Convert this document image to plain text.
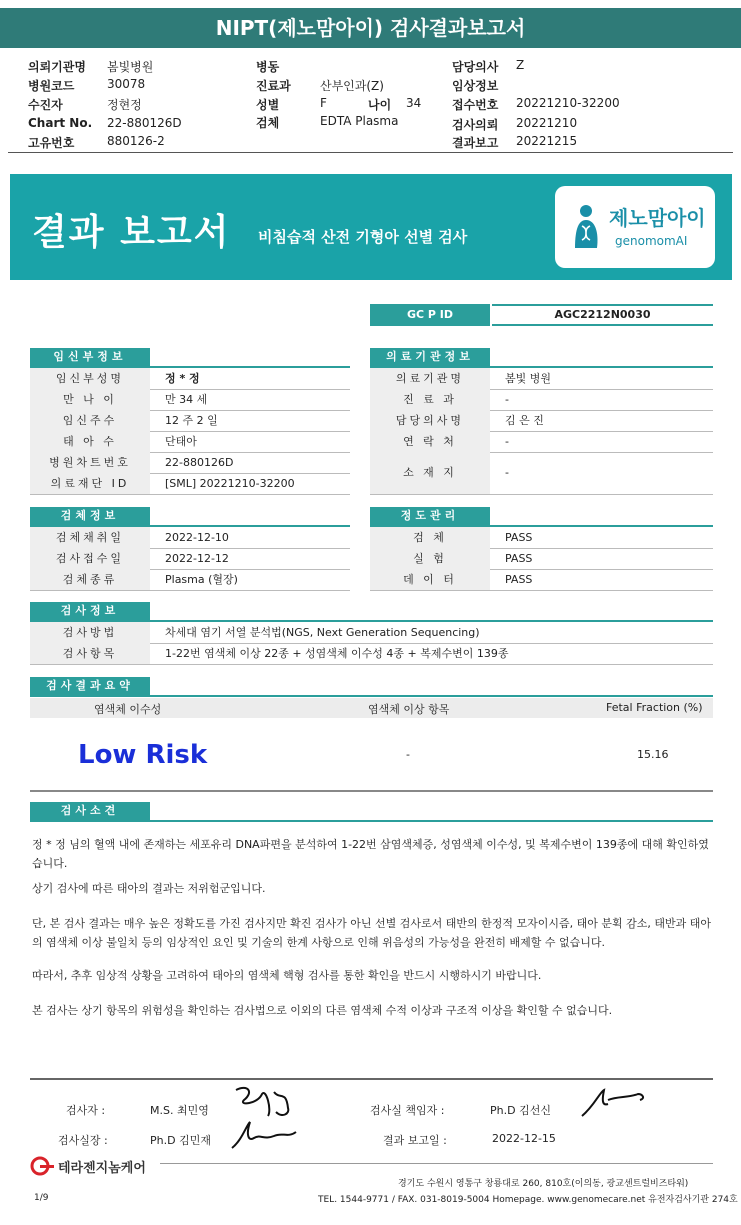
NIPT(제노맘아이) 검사결과보고서
의뢰기관명 봄빛병원
병원코드	30078
수진자	정현정
Chart No. 22-880126D
고유번호	880126-2
병동
진료과 산부인과(Z)
성별	F	나이 34
검체	EDTA Plasma
담당의사 Z
임상정보
접수번호 20221210-32200
검사의뢰 20221210
결과보고 20221215
결과 보고서 비침습적 산전 기형아 선별 검사
제노맘아이
genomomAI
GC P ID	AGC2212N0030
임신부정보
임신부성명	정 * 정
만 나 이	만 34 세
임신주수	12 주 2 일
태 아 수	단태아
병원차트번호	22-880126D
의료재단 ID	[SML] 20221210-32200
의료기관정보
의료기관명	봄빛 병원
진 료 과	-
담당의사명	김 은 진
연 락 처	-
소 재 지	-
검체정보
검체채취일	2022-12-10
검사접수일	2022-12-12
검체종류	Plasma (혈장)
정도관리
검 체	PASS
실 험	PASS
데 이 터	PASS
검사정보
검사방법	차세대 염기 서열 분석법(NGS, Next Generation Sequencing)
검사항목	1-22번 염색체 이상 22종 + 성염색체 이수성 4종 + 복제수변이 139종
검사결과요약
염색체 이수성	염색체 이상 항목	Fetal Fraction (%)
Low Risk	-	15.16
검사소견
정 * 정 님의 혈액 내에 존재하는 세포유리 DNA파편을 분석하여 1-22번 삼염색체증, 성염색체 이수성, 및 복제수변이 139종에 대해 확인하였습니다.
상기 검사에 따른 태아의 결과는 저위험군입니다.
단, 본 검사 결과는 매우 높은 정확도를 가진 검사지만 확진 검사가 아닌 선별 검사로서 태반의 한정적 모자이시즘, 태아 분획 감소, 태반과 태아의 염색체 이상 불일치 등의 임상적인 요인 및 기술의 한계 사항으로 인해 위음성의 가능성을 완전히 배제할 수 없습니다.
따라서, 추후 임상적 상황을 고려하여 태아의 염색체 핵형 검사를 통한 확인을 반드시 시행하시기 바랍니다.
본 검사는 상기 항목의 위험성을 확인하는 검사법으로 이외의 다른 염색체 수적 이상과 구조적 이상을 확인할 수 없습니다.
검사자 :	M.S. 최민영	검사실 책임자 :	Ph.D 김선신
검사실장 :	Ph.D 김민재	결과 보고일 :	2022-12-15
테라젠지놈케어
경기도 수원시 영통구 창룡대로 260, 810호(이의동, 광교센트럴비즈타워)
TEL. 1544-9771 / FAX. 031-8019-5004 Homepage. www.genomecare.net 유전자검사기관 274호
1/9
